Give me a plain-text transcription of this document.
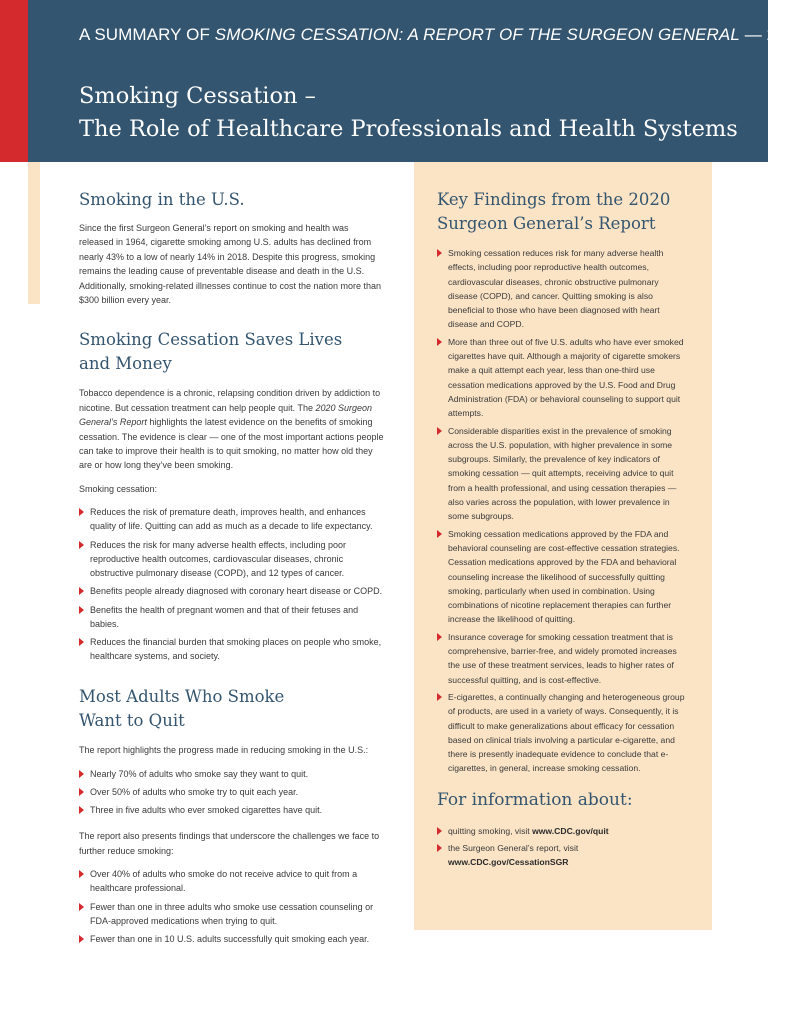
A SUMMARY OF SMOKING CESSATION: A REPORT OF THE SURGEON GENERAL — 2020

Smoking Cessation –
The Role of Healthcare Professionals and Health Systems
Smoking in the U.S.

Since the first Surgeon General’s report on smoking and health was released in 1964, cigarette smoking among U.S. adults has declined from nearly 43% to a low of nearly 14% in 2018. Despite this progress, smoking remains the leading cause of preventable disease and death in the U.S. Additionally, smoking-related illnesses continue to cost the nation more than $300 billion every year.

Smoking Cessation Saves Lives
and Money

Tobacco dependence is a chronic, relapsing condition driven by addiction to nicotine. But cessation treatment can help people quit. The 2020 Surgeon General’s Report highlights the latest evidence on the benefits of smoking cessation. The evidence is clear — one of the most important actions people can take to improve their health is to quit smoking, no matter how old they are or how long they’ve been smoking.

Smoking cessation:

Reduces the risk of premature death, improves health, and enhances quality of life. Quitting can add as much as a decade to life expectancy.
Reduces the risk for many adverse health effects, including poor reproductive health outcomes, cardiovascular diseases, chronic obstructive pulmonary disease (COPD), and 12 types of cancer.
Benefits people already diagnosed with coronary heart disease or COPD.
Benefits the health of pregnant women and that of their fetuses and babies.
Reduces the financial burden that smoking places on people who smoke, healthcare systems, and society.
Most Adults Who Smoke
Want to Quit

The report highlights the progress made in reducing smoking in the U.S.:

Nearly 70% of adults who smoke say they want to quit.
Over 50% of adults who smoke try to quit each year.
Three in five adults who ever smoked cigarettes have quit.

The report also presents findings that underscore the challenges we face to further reduce smoking:

Over 40% of adults who smoke do not receive advice to quit from a healthcare professional.
Fewer than one in three adults who smoke use cessation counseling or FDA-approved medications when trying to quit.
Fewer than one in 10 U.S. adults successfully quit smoking each year.
Key Findings from the 2020
Surgeon General’s Report
Smoking cessation reduces risk for many adverse health effects, including poor reproductive health outcomes, cardiovascular diseases, chronic obstructive pulmonary disease (COPD), and cancer. Quitting smoking is also beneficial to those who have been diagnosed with heart disease and COPD.
More than three out of five U.S. adults who have ever smoked cigarettes have quit. Although a majority of cigarette smokers make a quit attempt each year, less than one-third use cessation medications approved by the U.S. Food and Drug Administration (FDA) or behavioral counseling to support quit attempts.
Considerable disparities exist in the prevalence of smoking across the U.S. population, with higher prevalence in some subgroups. Similarly, the prevalence of key indicators of smoking cessation — quit attempts, receiving advice to quit from a health professional, and using cessation therapies — also varies across the population, with lower prevalence in some subgroups.
Smoking cessation medications approved by the FDA and behavioral counseling are cost-effective cessation strategies. Cessation medications approved by the FDA and behavioral counseling increase the likelihood of successfully quitting smoking, particularly when used in combination. Using combinations of nicotine replacement therapies can further increase the likelihood of quitting.
Insurance coverage for smoking cessation treatment that is comprehensive, barrier-free, and widely promoted increases the use of these treatment services, leads to higher rates of successful quitting, and is cost-effective.
E-cigarettes, a continually changing and heterogeneous group of products, are used in a variety of ways. Consequently, it is difficult to make generalizations about efficacy for cessation based on clinical trials involving a particular e-cigarette, and there is presently inadequate evidence to conclude that e-cigarettes, in general, increase smoking cessation.
For information about:
quitting smoking, visit www.CDC.gov/quit
the Surgeon General’s report, visit
www.CDC.gov/CessationSGR
